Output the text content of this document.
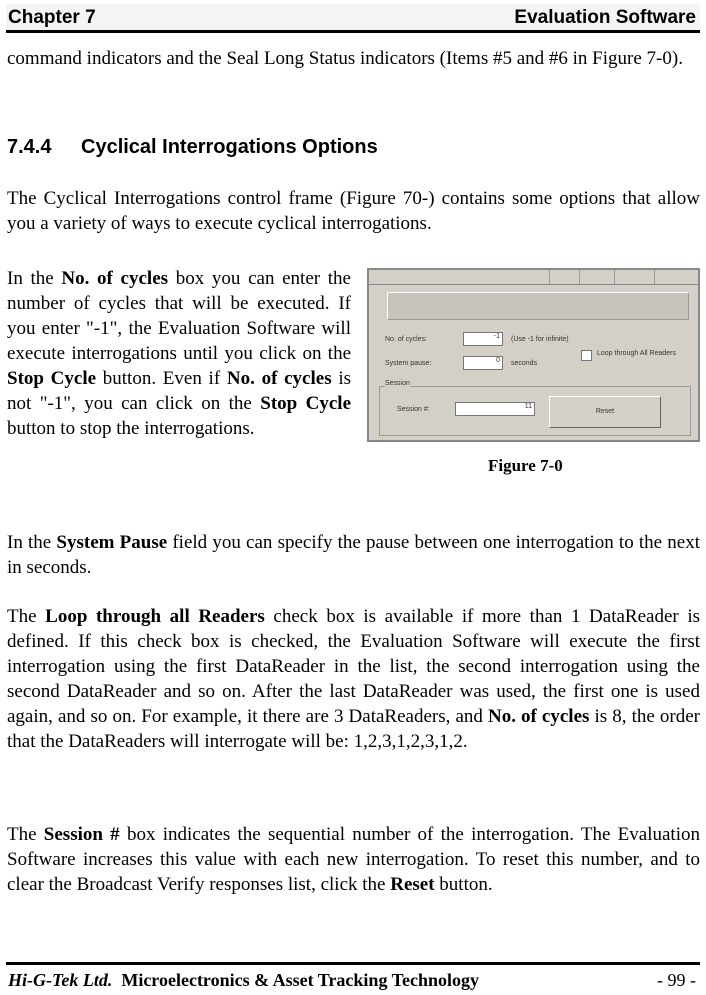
Chapter 7	Evaluation Software

command indicators and the Seal Long Status indicators (Items #5 and #6 in Figure 7-0).

7.4.4 Cyclical Interrogations Options

The Cyclical Interrogations control frame (Figure 70-) contains some options that allow you a variety of ways to execute cyclical interrogations.

In the No. of cycles box you can enter the number of cycles that will be executed. If you enter "-1", the Evaluation Software will execute interrogations until you click on the Stop Cycle button. Even if No. of cycles is not "-1", you can click on the Stop Cycle button to stop the interrogations.

No. of cycles:	-1	(Use -1 for infinite)
System pause:	0	seconds
Loop through All Readers
Session
Session #:	11
Reset
Figure 7-0

In the System Pause field you can specify the pause between one interrogation to the next in seconds.

The Loop through all Readers check box is available if more than 1 DataReader is defined. If this check box is checked, the Evaluation Software will execute the first interrogation using the first DataReader in the list, the second interrogation using the second DataReader and so on. After the last DataReader was used, the first one is used again, and so on. For example, it there are 3 DataReaders, and No. of cycles is 8, the order that the DataReaders will interrogate will be: 1,2,3,1,2,3,1,2.

The Session # box indicates the sequential number of the interrogation. The Evaluation Software increases this value with each new interrogation. To reset this number, and to clear the Broadcast Verify responses list, click the Reset button.

Hi-G-Tek Ltd. Microelectronics & Asset Tracking Technology	- 99 -
